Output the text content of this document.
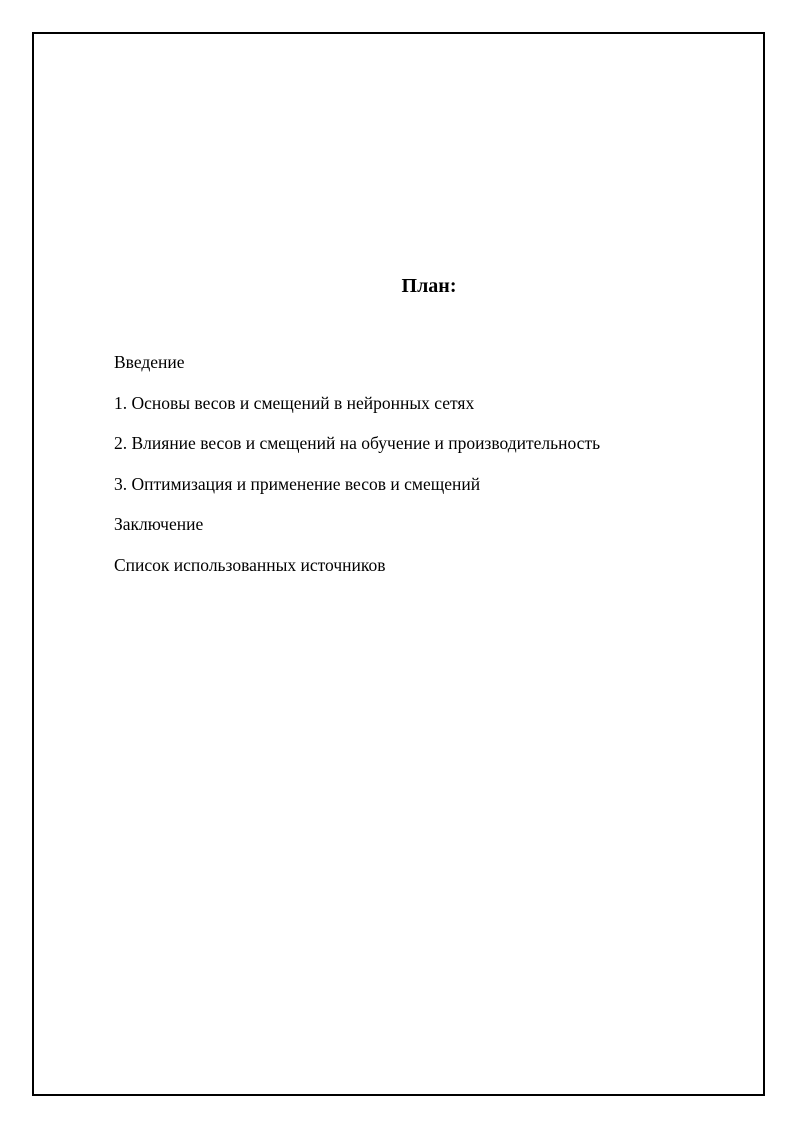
План:
Введение
1. Основы весов и смещений в нейронных сетях
2. Влияние весов и смещений на обучение и производительность
3. Оптимизация и применение весов и смещений
Заключение
Список использованных источников
